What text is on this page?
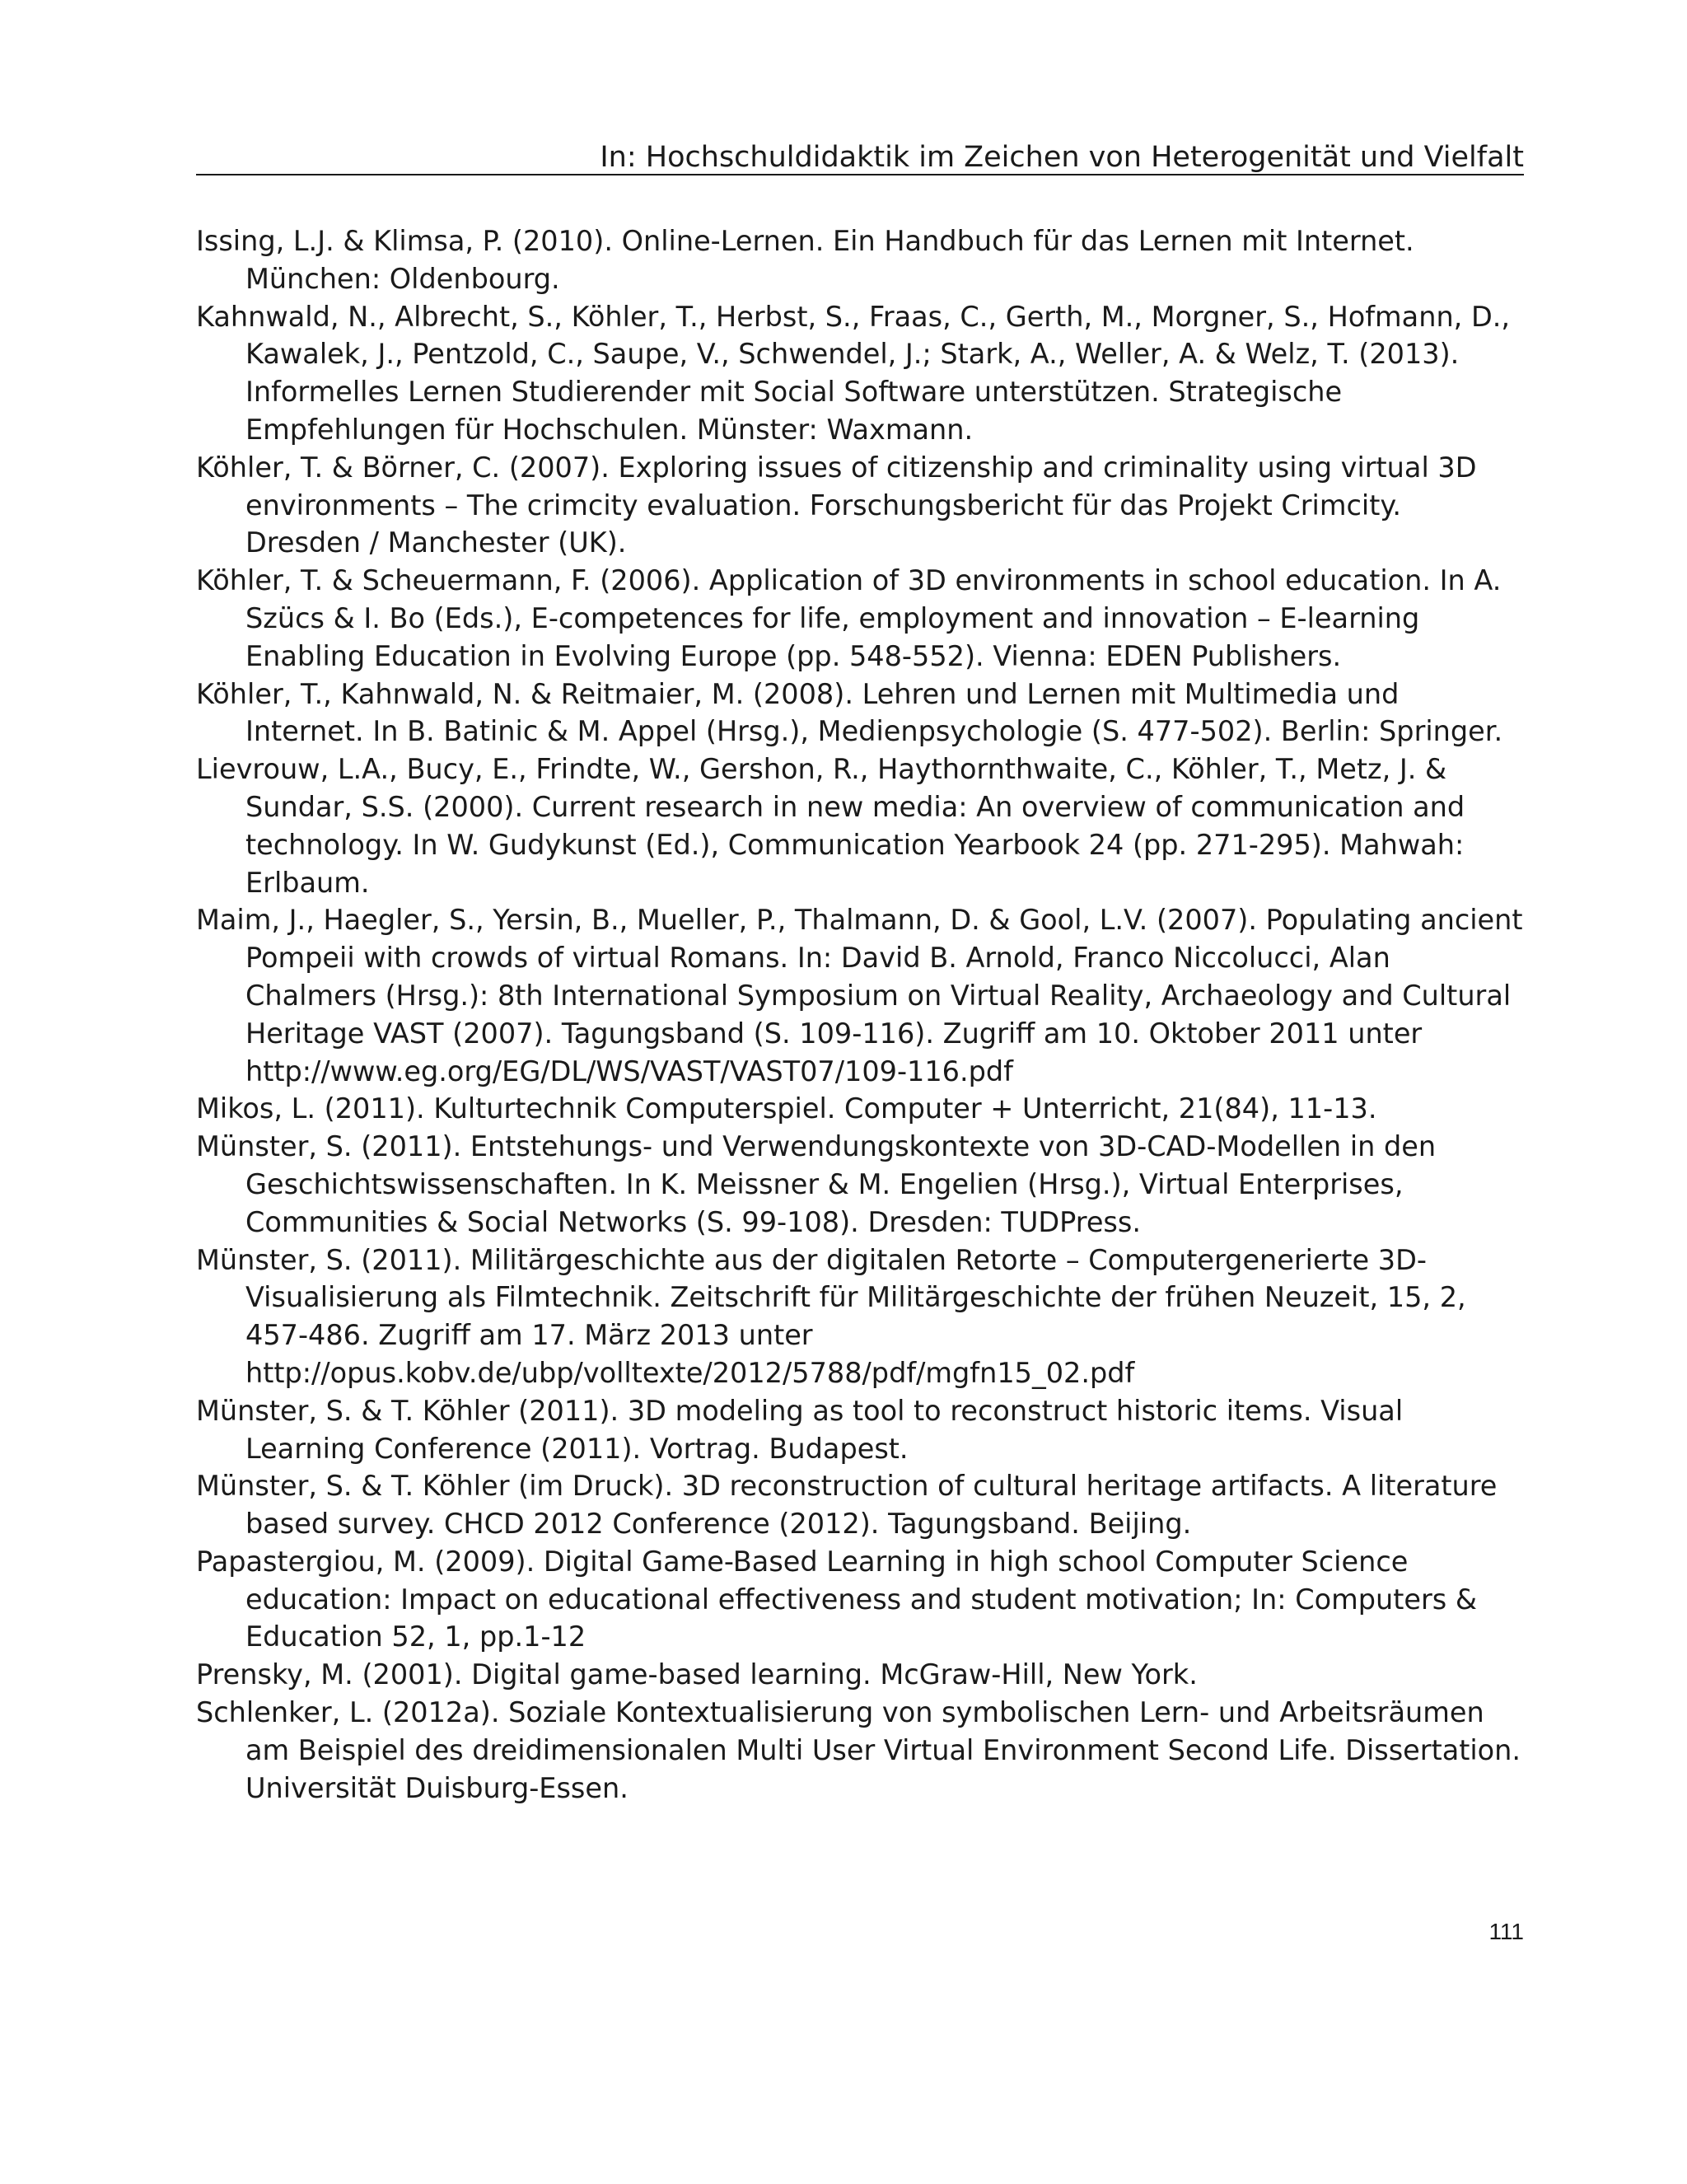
In: Hochschuldidaktik im Zeichen von Heterogenität und Vielfalt
Issing, L.J. & Klimsa, P. (2010). Online-Lernen. Ein Handbuch für das Lernen mit Internet. München: Oldenbourg.
Kahnwald, N., Albrecht, S., Köhler, T., Herbst, S., Fraas, C., Gerth, M., Morgner, S., Hofmann, D., Kawalek, J., Pentzold, C., Saupe, V., Schwendel, J.; Stark, A., Weller, A. & Welz, T. (2013). Informelles Lernen Studierender mit Social Software unterstützen. Strategische Empfehlungen für Hochschulen. Münster: Waxmann.
Köhler, T. & Börner, C. (2007). Exploring issues of citizenship and criminality using virtual 3D environments – The crimcity evaluation. Forschungsbericht für das Projekt Crimcity. Dresden / Manchester (UK).
Köhler, T. & Scheuermann, F. (2006). Application of 3D environments in school education. In A. Szücs & I. Bo (Eds.), E-competences for life, employment and innovation – E-learning Enabling Education in Evolving Europe (pp. 548-552). Vienna: EDEN Publishers.
Köhler, T., Kahnwald, N. & Reitmaier, M. (2008). Lehren und Lernen mit Multimedia und Internet. In B. Batinic & M. Appel (Hrsg.), Medienpsychologie (S. 477-502). Berlin: Springer.
Lievrouw, L.A., Bucy, E., Frindte, W., Gershon, R., Haythornthwaite, C., Köhler, T., Metz, J. & Sundar, S.S. (2000). Current research in new media: An overview of communication and technology. In W. Gudykunst (Ed.), Communication Yearbook 24 (pp. 271-295). Mahwah: Erlbaum.
Maim, J., Haegler, S., Yersin, B., Mueller, P., Thalmann, D. & Gool, L.V. (2007). Populating ancient Pompeii with crowds of virtual Romans. In: David B. Arnold, Franco Niccolucci, Alan Chalmers (Hrsg.): 8th International Symposium on Virtual Reality, Archaeology and Cultural Heritage VAST (2007). Tagungsband (S. 109-116). Zugriff am 10. Oktober 2011 unter http://www.eg.org/EG/DL/WS/VAST/VAST07/109-116.pdf
Mikos, L. (2011). Kulturtechnik Computerspiel. Computer + Unterricht, 21(84), 11-13.
Münster, S. (2011). Entstehungs- und Verwendungskontexte von 3D-CAD-Modellen in den Geschichtswissenschaften. In K. Meissner & M. Engelien (Hrsg.), Virtual Enterprises, Communities & Social Networks (S. 99-108). Dresden: TUDPress.
Münster, S. (2011). Militärgeschichte aus der digitalen Retorte – Computergenerierte 3D-Visualisierung als Filmtechnik. Zeitschrift für Militärgeschichte der frühen Neuzeit, 15, 2, 457-486. Zugriff am 17. März 2013 unter http://opus.kobv.de/ubp/volltexte/2012/5788/pdf/mgfn15_02.pdf
Münster, S. & T. Köhler (2011). 3D modeling as tool to reconstruct historic items. Visual Learning Conference (2011). Vortrag. Budapest.
Münster, S. & T. Köhler (im Druck). 3D reconstruction of cultural heritage artifacts. A literature based survey. CHCD 2012 Conference (2012). Tagungsband. Beijing.
Papastergiou, M. (2009). Digital Game-Based Learning in high school Computer Science education: Impact on educational effectiveness and student motivation; In: Computers & Education 52, 1, pp.1-12
Prensky, M. (2001). Digital game-based learning. McGraw-Hill, New York.
Schlenker, L. (2012a). Soziale Kontextualisierung von symbolischen Lern- und Arbeitsräumen am Beispiel des dreidimensionalen Multi User Virtual Environment Second Life. Dissertation. Universität Duisburg-Essen.
111
